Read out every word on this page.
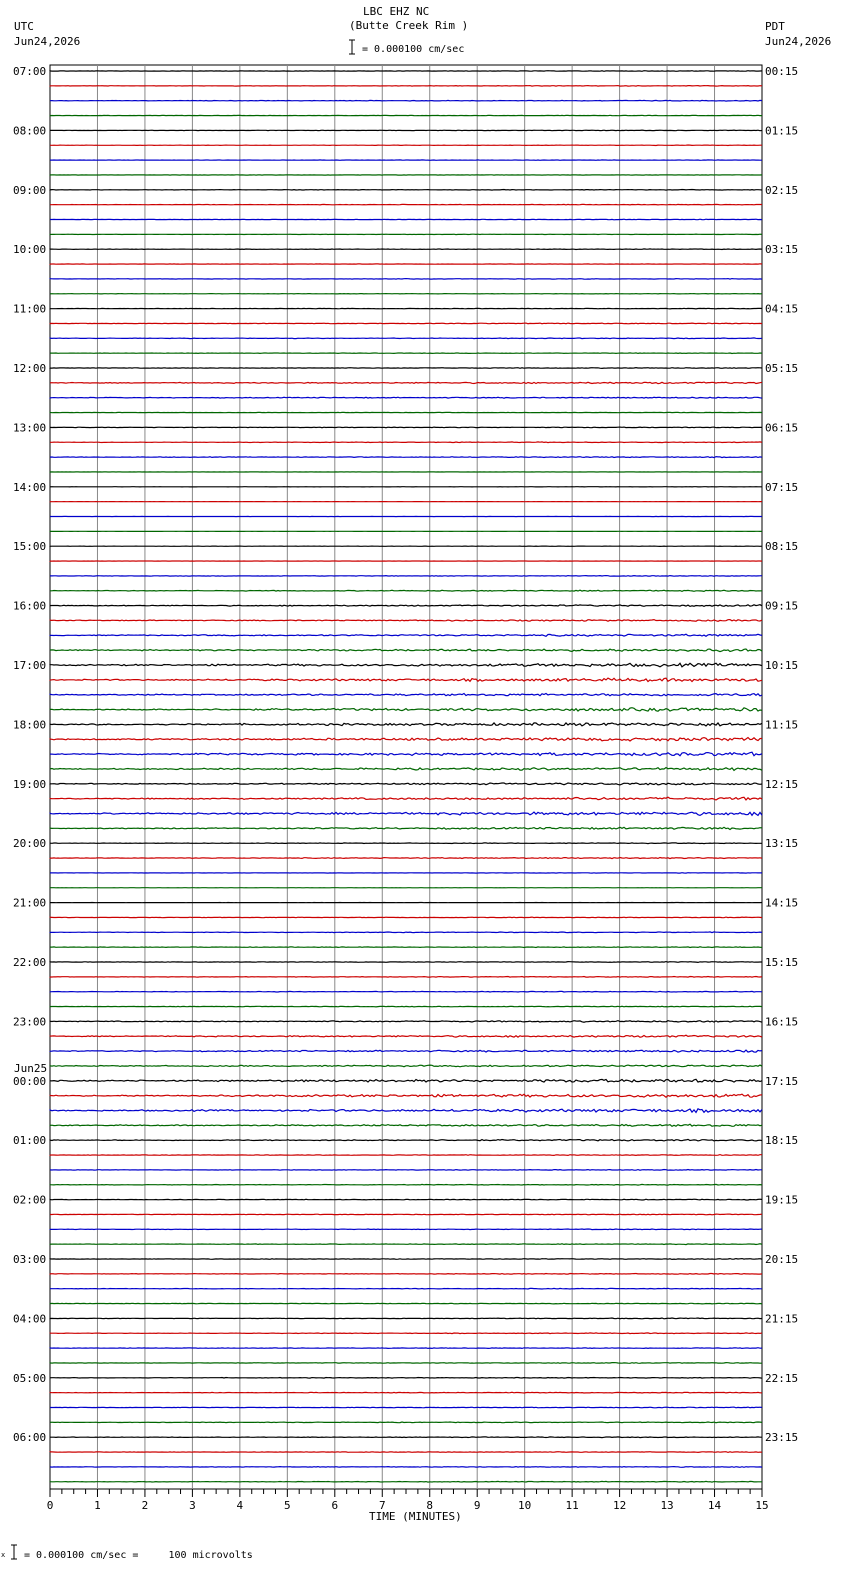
0	1	2	3	4	5	6	7	8	9	10	11	12	13	14	15
07:00
08:00
09:00
10:00
11:00
12:00
13:00
14:00
15:00
16:00
17:00
18:00
19:00
20:00
21:00
22:00
23:00
00:00
01:00
02:00
03:00
04:00
05:00
06:00
00:15
01:15
02:15
03:15
04:15
05:15
06:15
07:15
08:15
09:15
10:15
11:15
12:15
13:15
14:15
15:15
16:15
17:15
18:15
19:15
20:15
21:15
22:15
23:15
LBC EHZ NC
(Butte Creek Rim )
= 0.000100 cm/sec
UTC
Jun24,2026
PDT
Jun24,2026
Jun25
TIME (MINUTES)
x = 0.000100 cm/sec =     100 microvolts
